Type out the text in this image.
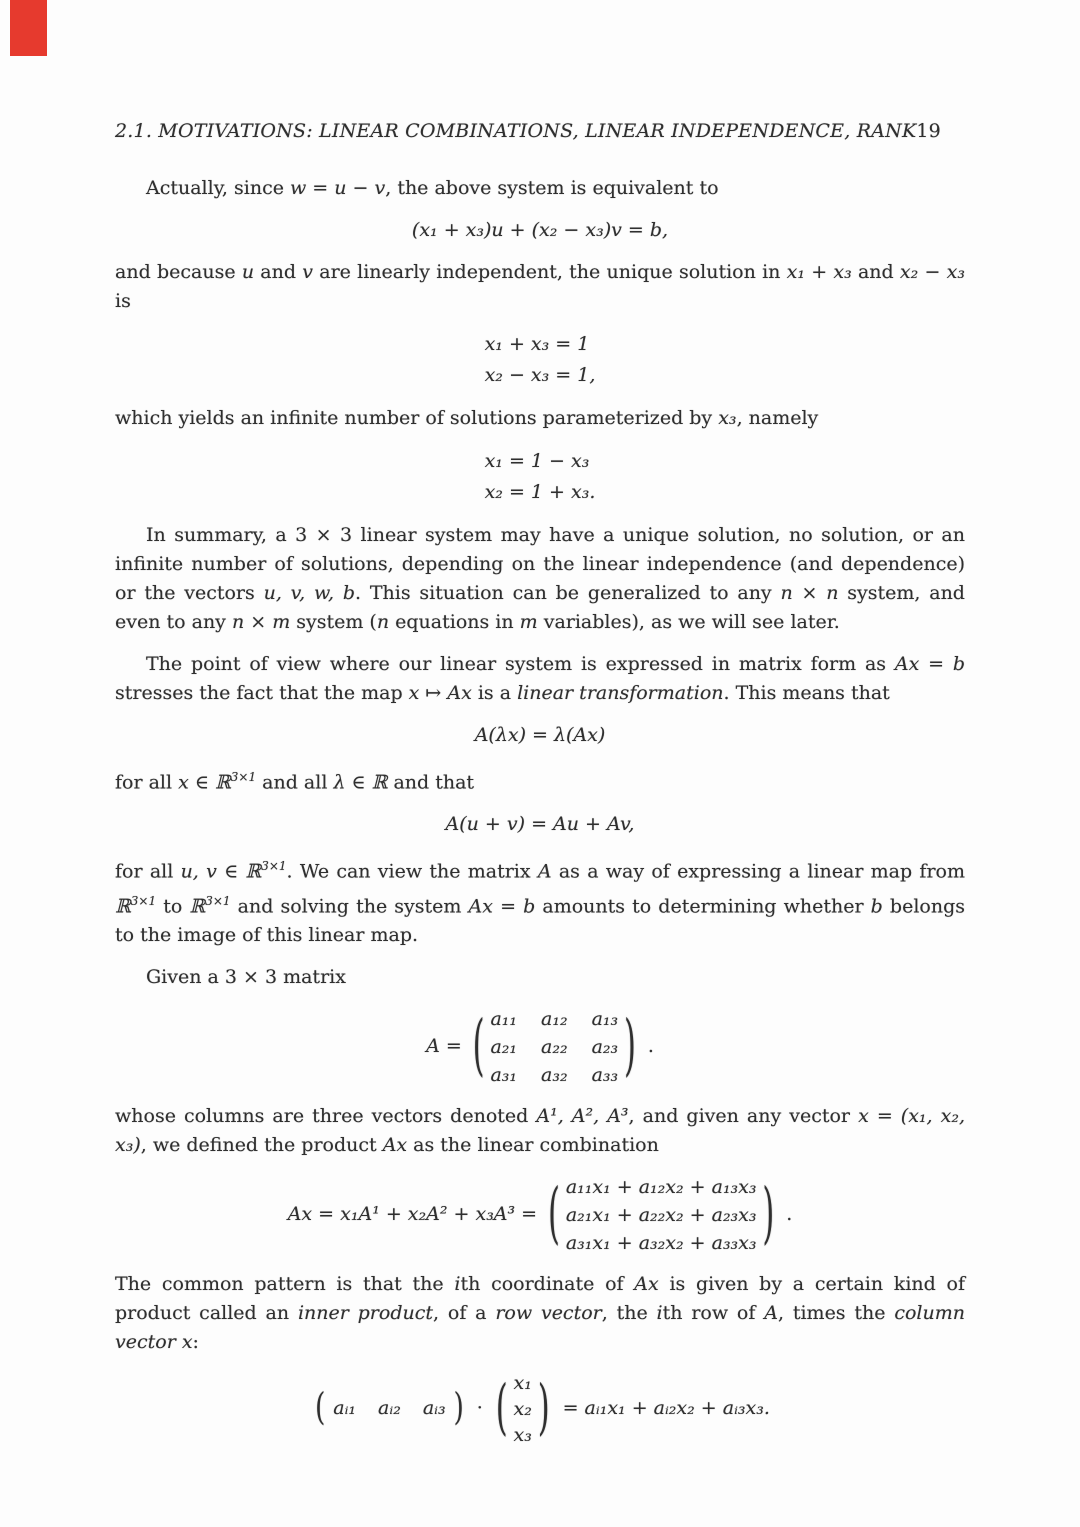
2.1. MOTIVATIONS: LINEAR COMBINATIONS, LINEAR INDEPENDENCE, RANK19

Actually, since w = u − v, the above system is equivalent to

(x₁ + x₃)u + (x₂ − x₃)v = b,

and because u and v are linearly independent, the unique solution in x₁ + x₃ and x₂ − x₃ is

x₁ + x₃ = 1
x₂ − x₃ = 1,

which yields an infinite number of solutions parameterized by x₃, namely

x₁ = 1 − x₃
x₂ = 1 + x₃.

In summary, a 3 × 3 linear system may have a unique solution, no solution, or an infinite number of solutions, depending on the linear independence (and dependence) or the vectors u, v, w, b. This situation can be generalized to any n × n system, and even to any n × m system (n equations in m variables), as we will see later.

The point of view where our linear system is expressed in matrix form as Ax = b stresses the fact that the map x ↦ Ax is a linear transformation. This means that

A(λx) = λ(Ax)

for all x ∈ ℝ$^{3\times 1}$ and all λ ∈ ℝ and that

A(u + v) = Au + Av,

for all u, v ∈ ℝ$^{3\times 1}$. We can view the matrix A as a way of expressing a linear map from ℝ$^{3\times 1}$ to ℝ$^{3\times 1}$ and solving the system Ax = b amounts to determining whether b belongs to the image of this linear map.

Given a 3 × 3 matrix

A = ( a₁₁ a₁₂ a₁₃
a₂₁ a₂₂ a₂₃
a₃₁ a₃₂ a₃₃ ) .

whose columns are three vectors denoted A¹, A², A³, and given any vector x = (x₁, x₂, x₃), we defined the product Ax as the linear combination

Ax = x₁A¹ + x₂A² + x₃A³ = ( a₁₁x₁ + a₁₂x₂ + a₁₃x₃
a₂₁x₁ + a₂₂x₂ + a₂₃x₃
a₃₁x₁ + a₃₂x₂ + a₃₃x₃ ) .

The common pattern is that the ith coordinate of Ax is given by a certain kind of product called an inner product, of a row vector, the ith row of A, times the column vector x:

( aᵢ₁ aᵢ₂ aᵢ₃ ) · ( x₁
x₂
x₃ ) = aᵢ₁x₁ + aᵢ₂x₂ + aᵢ₃x₃.
